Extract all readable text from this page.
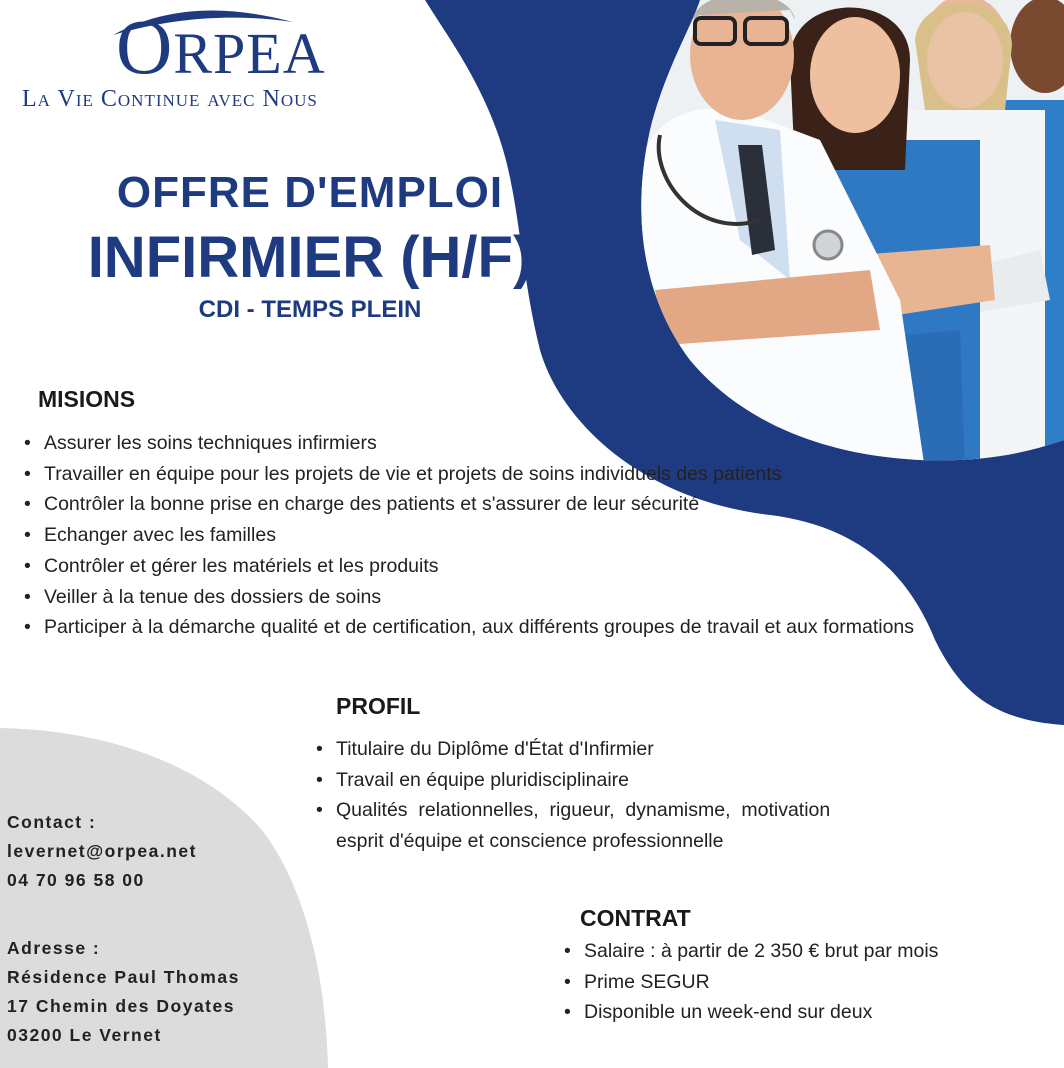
ORPEA
La Vie Continue avec Nous
OFFRE D'EMPLOI
INFIRMIER (H/F)
CDI - TEMPS PLEIN
MISIONS
• Assurer les soins techniques infirmiers
• Travailler en équipe pour les projets de vie et projets de soins individuels des patients
• Contrôler la bonne prise en charge des patients et s'assurer de leur sécurité
• Echanger avec les familles
• Contrôler et gérer les matériels et les produits
• Veiller à la tenue des dossiers de soins
• Participer à la démarche qualité et de certification, aux différents groupes de travail et aux formations
PROFIL
• Titulaire du Diplôme d'État d'Infirmier
• Travail en équipe pluridisciplinaire
• Qualités  relationnelles,  rigueur,  dynamisme,  motivation
esprit d'équipe et conscience professionnelle
CONTRAT
• Salaire : à partir de 2 350 € brut par mois
• Prime SEGUR
• Disponible un week-end sur deux
Contact :
levernet@orpea.net
04 70 96 58 00
Adresse :
Résidence Paul Thomas
17 Chemin des Doyates
03200 Le Vernet
